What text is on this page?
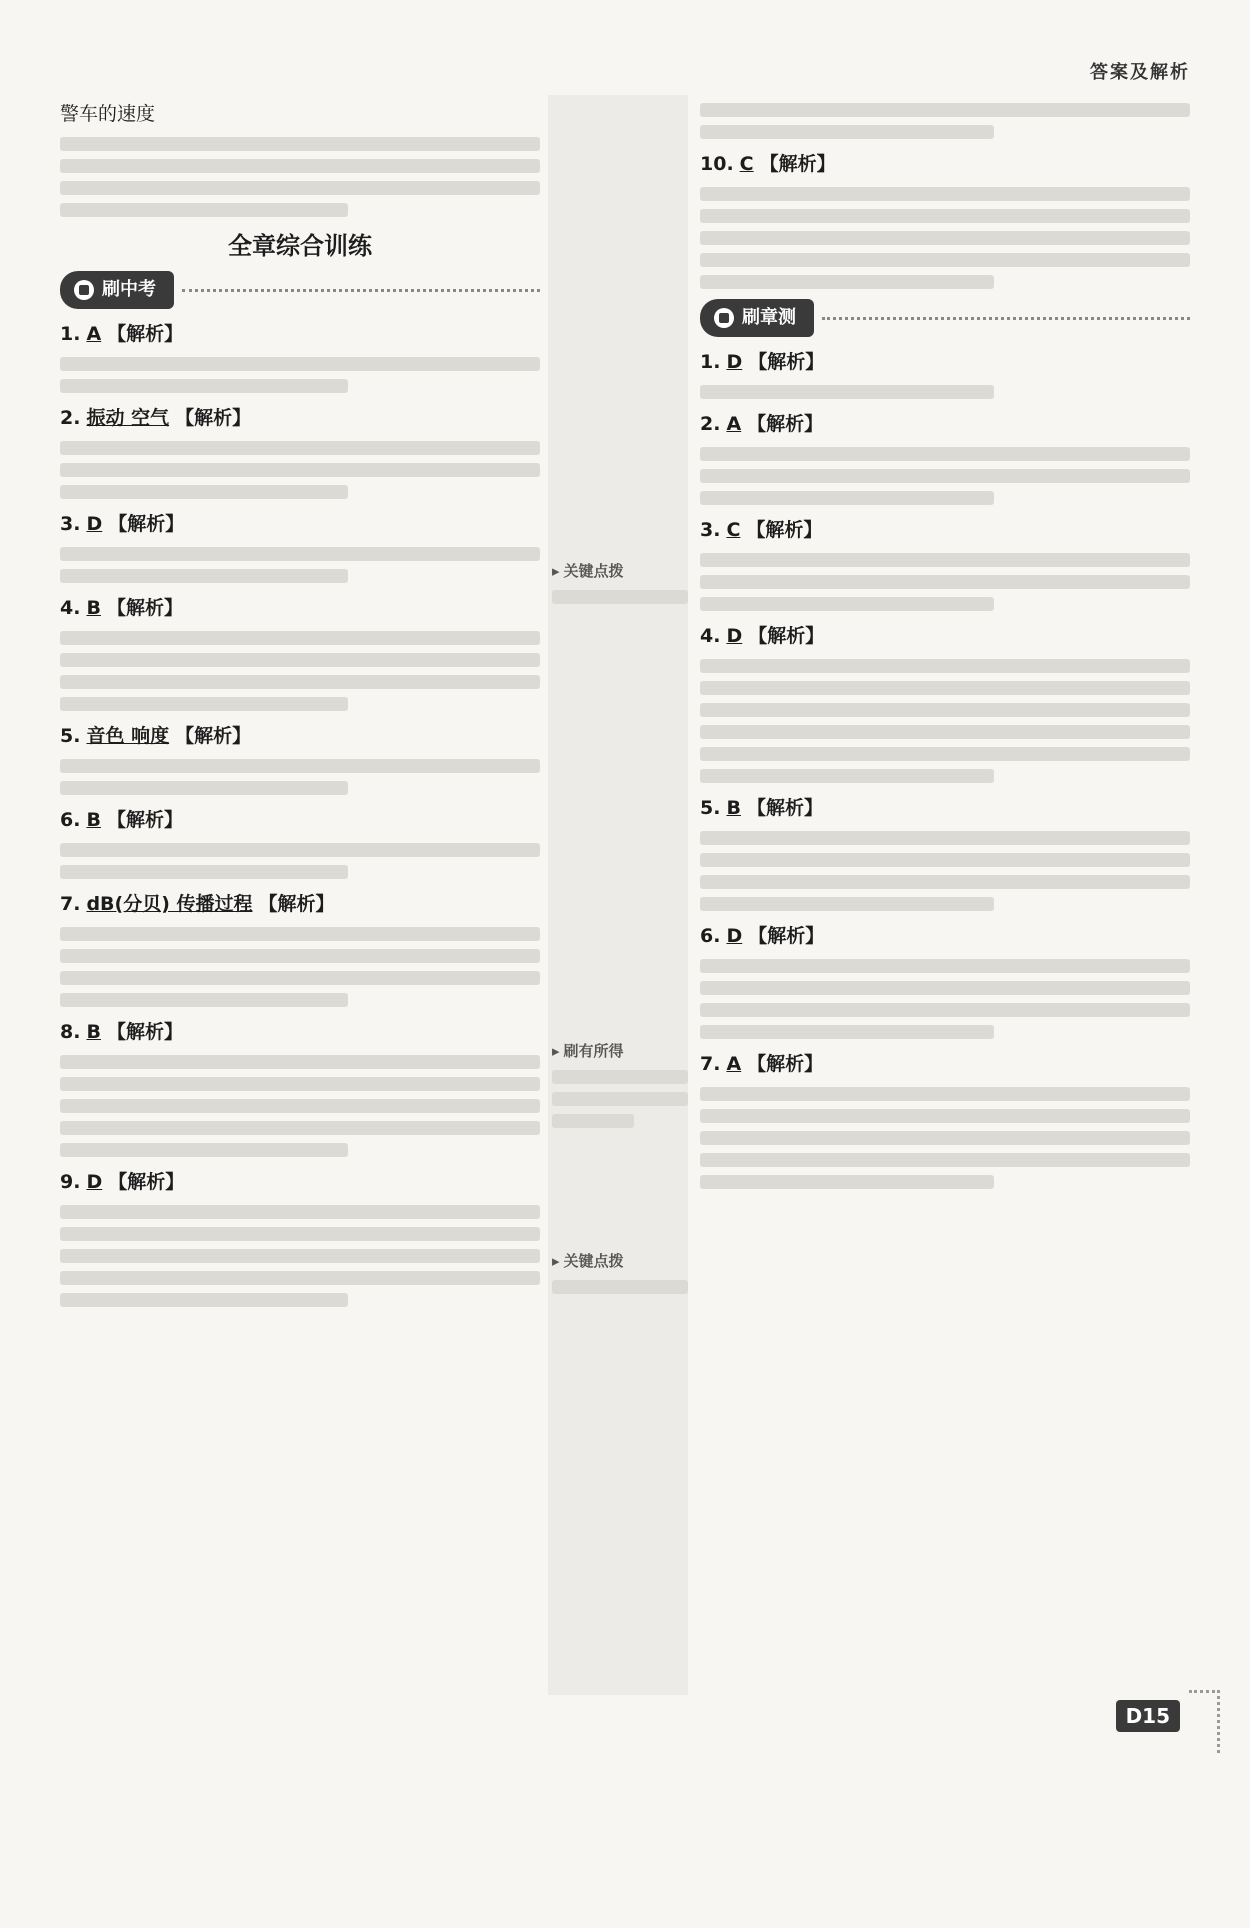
答案及解析
▸ 关键点拨
▸ 刷有所得
▸ 关键点拨
警车的速度
全章综合训练
刷中考
1. A 【解析】
2. 振动 空气 【解析】
3. D 【解析】
4. B 【解析】
5. 音色 响度 【解析】
6. B 【解析】
7. dB(分贝) 传播过程 【解析】
8. B 【解析】
9. D 【解析】
10. C 【解析】
刷章测
1. D 【解析】
2. A 【解析】
3. C 【解析】
4. D 【解析】
5. B 【解析】
6. D 【解析】
7. A 【解析】
D15
